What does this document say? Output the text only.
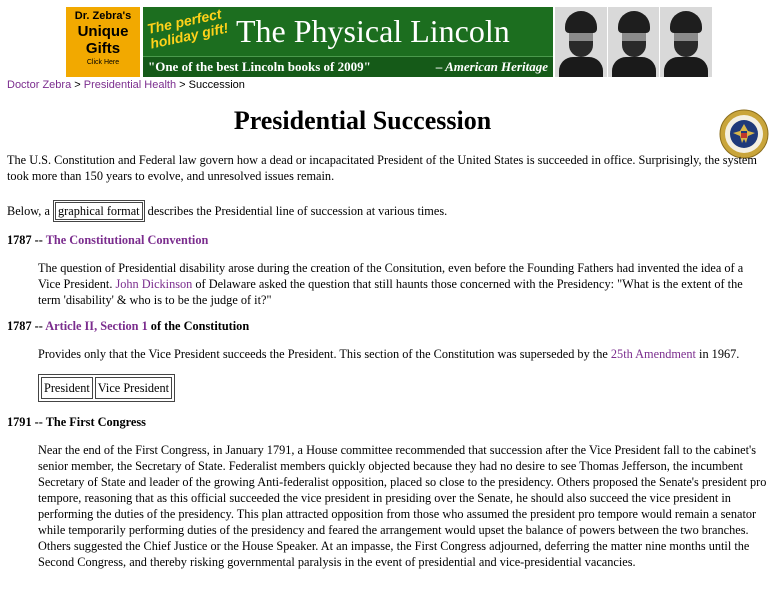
Dr. Zebra's
Unique
Gifts
Click Here
The perfect holiday gift! The Physical Lincoln
"One of the best Lincoln books of 2009"	– American Heritage
Doctor Zebra > Presidential Health > Succession
Presidential Succession

The U.S. Constitution and Federal law govern how a dead or incapacitated President of the United States is succeeded in office. Surprisingly, the system took more than 150 years to evolve, and unresolved issues remain.

Below, a graphical format describes the Presidential line of succession at various times.

1787 -- The Constitutional Convention

The question of Presidential disability arose during the creation of the Consitution, even before the Founding Fathers had invented the idea of a Vice President. John Dickinson of Delaware asked the question that still haunts those concerned with the Presidency: "What is the extent of the term 'disability' & who is to be the judge of it?"

1787 -- Article II, Section 1 of the Constitution

Provides only that the Vice President succeeds the President. This section of the Constitution was superseded by the 25th Amendment in 1967.

President Vice President

1791 -- The First Congress

Near the end of the First Congress, in January 1791, a House committee recommended that succession after the Vice President fall to the cabinet's senior member, the Secretary of State. Federalist members quickly objected because they had no desire to see Thomas Jefferson, the incumbent Secretary of State and leader of the growing Anti-federalist opposition, placed so close to the presidency. Others proposed the Senate's president pro tempore, reasoning that as this official succeeded the vice president in presiding over the Senate, he should also succeed the vice president in performing the duties of the presidency. This plan attracted opposition from those who assumed the president pro tempore would remain a senator while temporarily performing duties of the presidency and feared the arrangement would upset the balance of powers between the two branches. Others suggested the Chief Justice or the House Speaker. At an impasse, the First Congress adjourned, deferring the matter nine months until the Second Congress, and thereby risking governmental paralysis in the event of presidential and vice-presidential vacancies.
